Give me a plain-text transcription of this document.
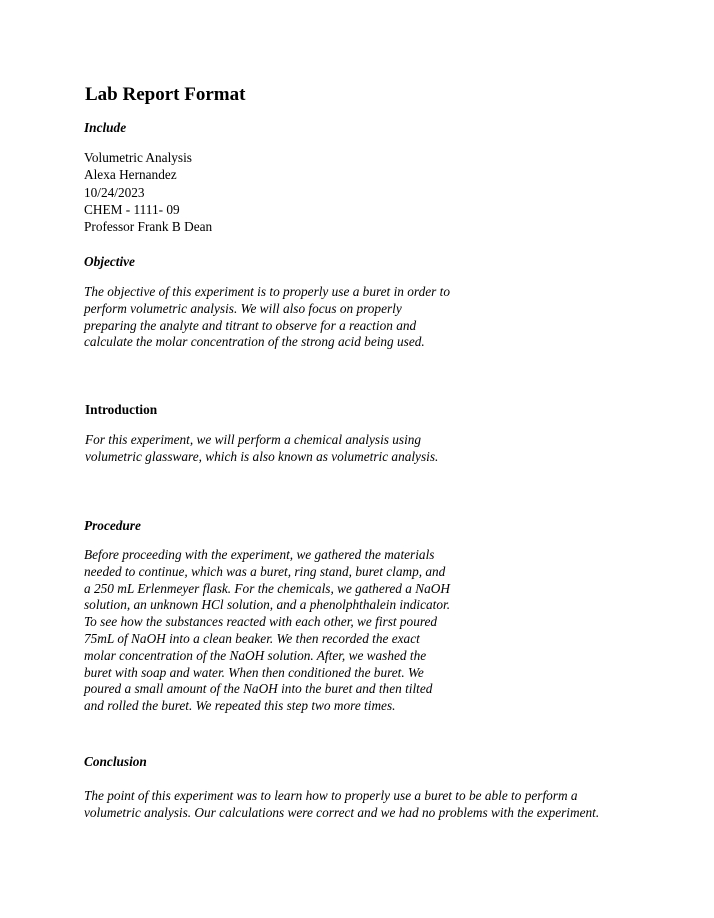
Lab Report Format
Include
Volumetric Analysis
Alexa Hernandez
10/24/2023
CHEM - 1111- 09
Professor Frank B Dean
Objective

The objective of this experiment is to properly use a buret in order to perform volumetric analysis. We will also focus on properly preparing the analyte and titrant to observe for a reaction and calculate the molar concentration of the strong acid being used.

Introduction

For this experiment, we will perform a chemical analysis using volumetric glassware, which is also known as volumetric analysis.

Procedure

Before proceeding with the experiment, we gathered the materials needed to continue, which was a buret, ring stand, buret clamp, and a 250 mL Erlenmeyer flask. For the chemicals, we gathered a NaOH solution, an unknown HCl solution, and a phenolphthalein indicator. To see how the substances reacted with each other, we first poured 75mL of NaOH into a clean beaker. We then recorded the exact molar concentration of the NaOH solution. After, we washed the buret with soap and water. When then conditioned the buret. We poured a small amount of the NaOH into the buret and then tilted and rolled the buret. We repeated this step two more times.

Conclusion

The point of this experiment was to learn how to properly use a buret to be able to perform a volumetric analysis. Our calculations were correct and we had no problems with the experiment.
